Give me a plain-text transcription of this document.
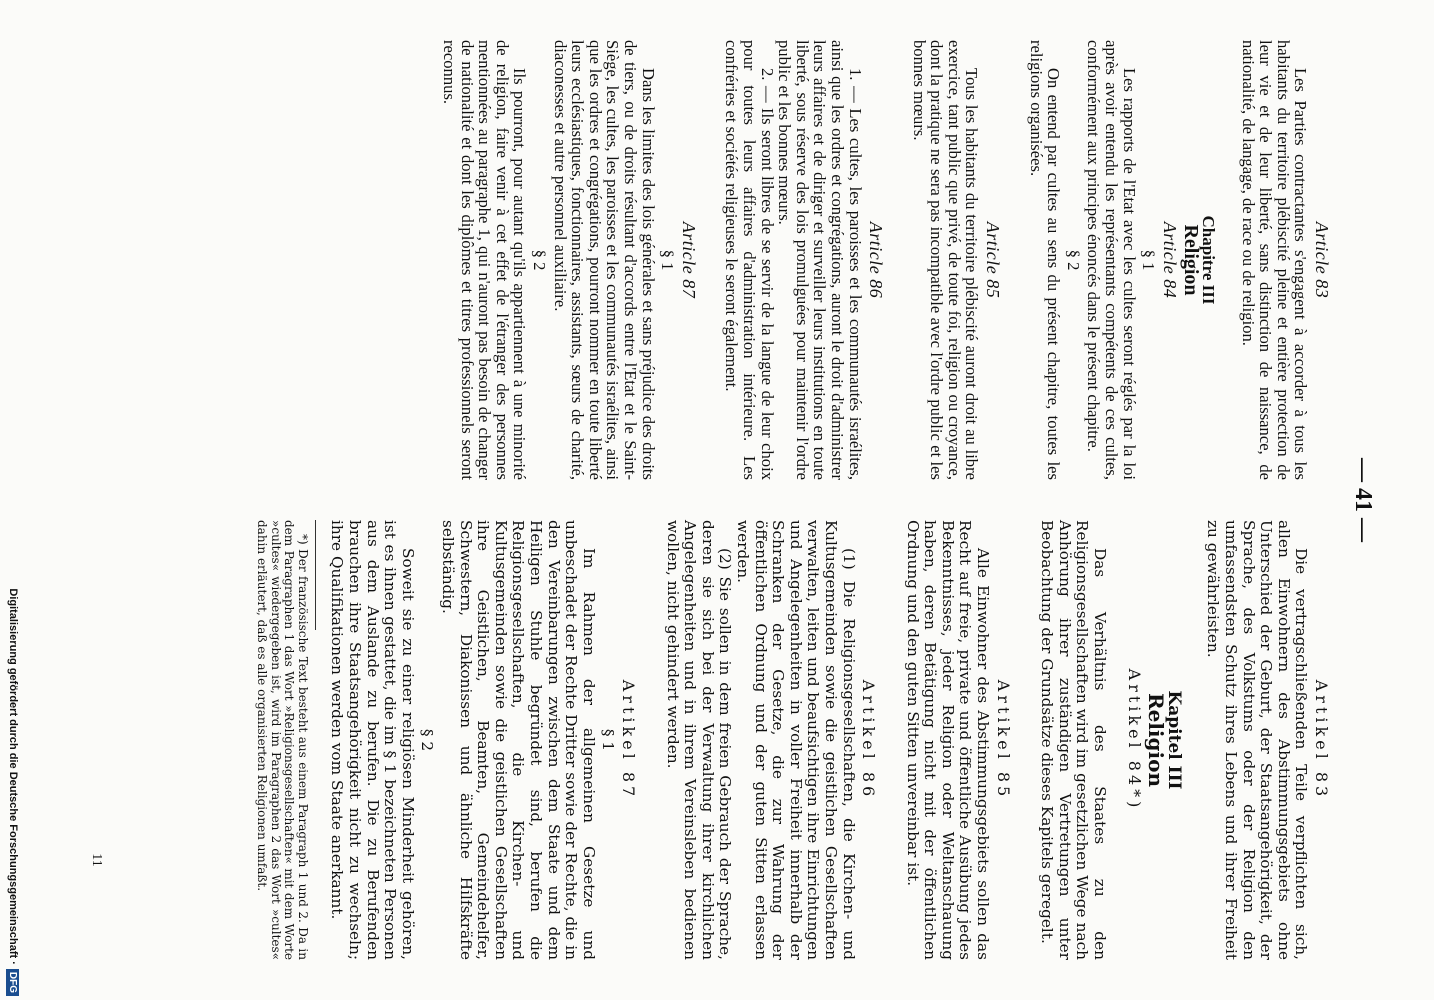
— 41 —
Article 83

Les Parties contractantes s'engagent à accorder à tous les habitants du territoire plébiscité pleine et entière protection de leur vie et de leur liberté, sans distinction de naissance, de nationalité, de langage, de race ou de religion.

Chapitre III
Religion
Article 84
§ 1

Les rapports de l'Etat avec les cultes seront réglés par la loi après avoir entendu les représentants compétents de ces cultes, conformément aux principes énoncés dans le présent chapitre.

§ 2

On entend par cultes au sens du présent chapitre, toutes les religions organisées.

Article 85

Tous les habitants du territoire plébiscité auront droit au libre exercice, tant public que privé, de toute foi, religion ou croyance, dont la pratique ne sera pas incompatible avec l'ordre public et les bonnes mœurs.

Article 86

1. — Les cultes, les paroisses et les communautés israélites, ainsi que les ordres et congrégations, auront le droit d'administrer leurs affaires et de diriger et surveiller leurs institutions en toute liberté, sous réserve des lois promulguées pour maintenir l'ordre public et les bonnes mœurs.

2. — Ils seront libres de se servir de la langue de leur choix pour toutes leurs affaires d'administration intérieure. Les confréries et sociétés religieuses le seront également.

Article 87
§ 1

Dans les limites des lois générales et sans préjudice des droits de tiers, ou de droits résultant d'accords entre l'Etat et le Saint-Siège, les cultes, les paroisses et les communautés israélites, ainsi que les ordres et congrégations, pourront nommer en toute liberté leurs ecclésiastiques, fonctionnaires, assistants, sœurs de charité, diaconesses et autre personnel auxiliaire.

§ 2

Ils pourront, pour autant qu'ils appartiennent à une minorité de religion, faire venir à cet effet de l'étranger des personnes mentionnées au paragraphe 1, qui n'auront pas besoin de changer de nationalité et dont les diplômes et titres professionnels seront reconnus.

Artikel 83

Die vertragschließenden Teile verpflichten sich, allen Einwohnern des Abstimmungsgebiets ohne Unterschied der Geburt, der Staatsangehörigkeit, der Sprache, des Volkstums oder der Religion den umfassendsten Schutz ihres Lebens und ihrer Freiheit zu gewährleisten.

Kapitel III
Religion
Artikel 84*)

Das Verhältnis des Staates zu den Religionsgesellschaften wird im gesetzlichen Wege nach Anhörung ihrer zuständigen Vertretungen unter Beobachtung der Grundsätze dieses Kapitels geregelt.

Artikel 85

Alle Einwohner des Abstimmungsgebiets sollen das Recht auf freie, private und öffentliche Ausübung jedes Bekenntnisses, jeder Religion oder Weltanschauung haben, deren Betätigung nicht mit der öffentlichen Ordnung und den guten Sitten unvereinbar ist.

Artikel 86

(1) Die Religionsgesellschaften, die Kirchen- und Kultusgemeinden sowie die geistlichen Gesellschaften verwalten, leiten und beaufsichtigen ihre Einrichtungen und Angelegenheiten in voller Freiheit innerhalb der Schranken der Gesetze, die zur Wahrung der öffentlichen Ordnung und der guten Sitten erlassen werden.

(2) Sie sollen in dem freien Gebrauch der Sprache, deren sie sich bei der Verwaltung ihrer kirchlichen Angelegenheiten und in ihrem Vereinsleben bedienen wollen, nicht gehindert werden.

Artikel 87
§ 1

Im Rahmen der allgemeinen Gesetze und unbeschadet der Rechte Dritter sowie der Rechte, die in den Vereinbarungen zwischen dem Staate und dem Heiligen Stuhle begründet sind, berufen die Religionsgesellschaften, die Kirchen- und Kultusgemeinden sowie die geistlichen Gesellschaften ihre Geistlichen, Beamten, Gemeindehelfer, Schwestern, Diakonissen und ähnliche Hilfskräfte selbständig.

§ 2

Soweit sie zu einer religiösen Minderheit gehören, ist es ihnen gestattet, die im § 1 bezeichneten Personen aus dem Auslande zu berufen. Die zu Berufenden brauchen ihre Staatsangehörigkeit nicht zu wechseln; ihre Qualifikationen werden vom Staate anerkannt.

*) Der französische Text besteht aus einem Paragraph 1 und 2. Da in dem Paragraphen 1 das Wort »Religionsgesellschaften« mit dem Worte »cultes« wiedergegeben ist, wird im Paragraphen 2 das Wort »cultes« dahin erläutert, daß es alle organisierten Religionen umfaßt.

11
Digitalisierung gefördert durch die Deutsche Forschungsgemeinschaft ·
DFG
